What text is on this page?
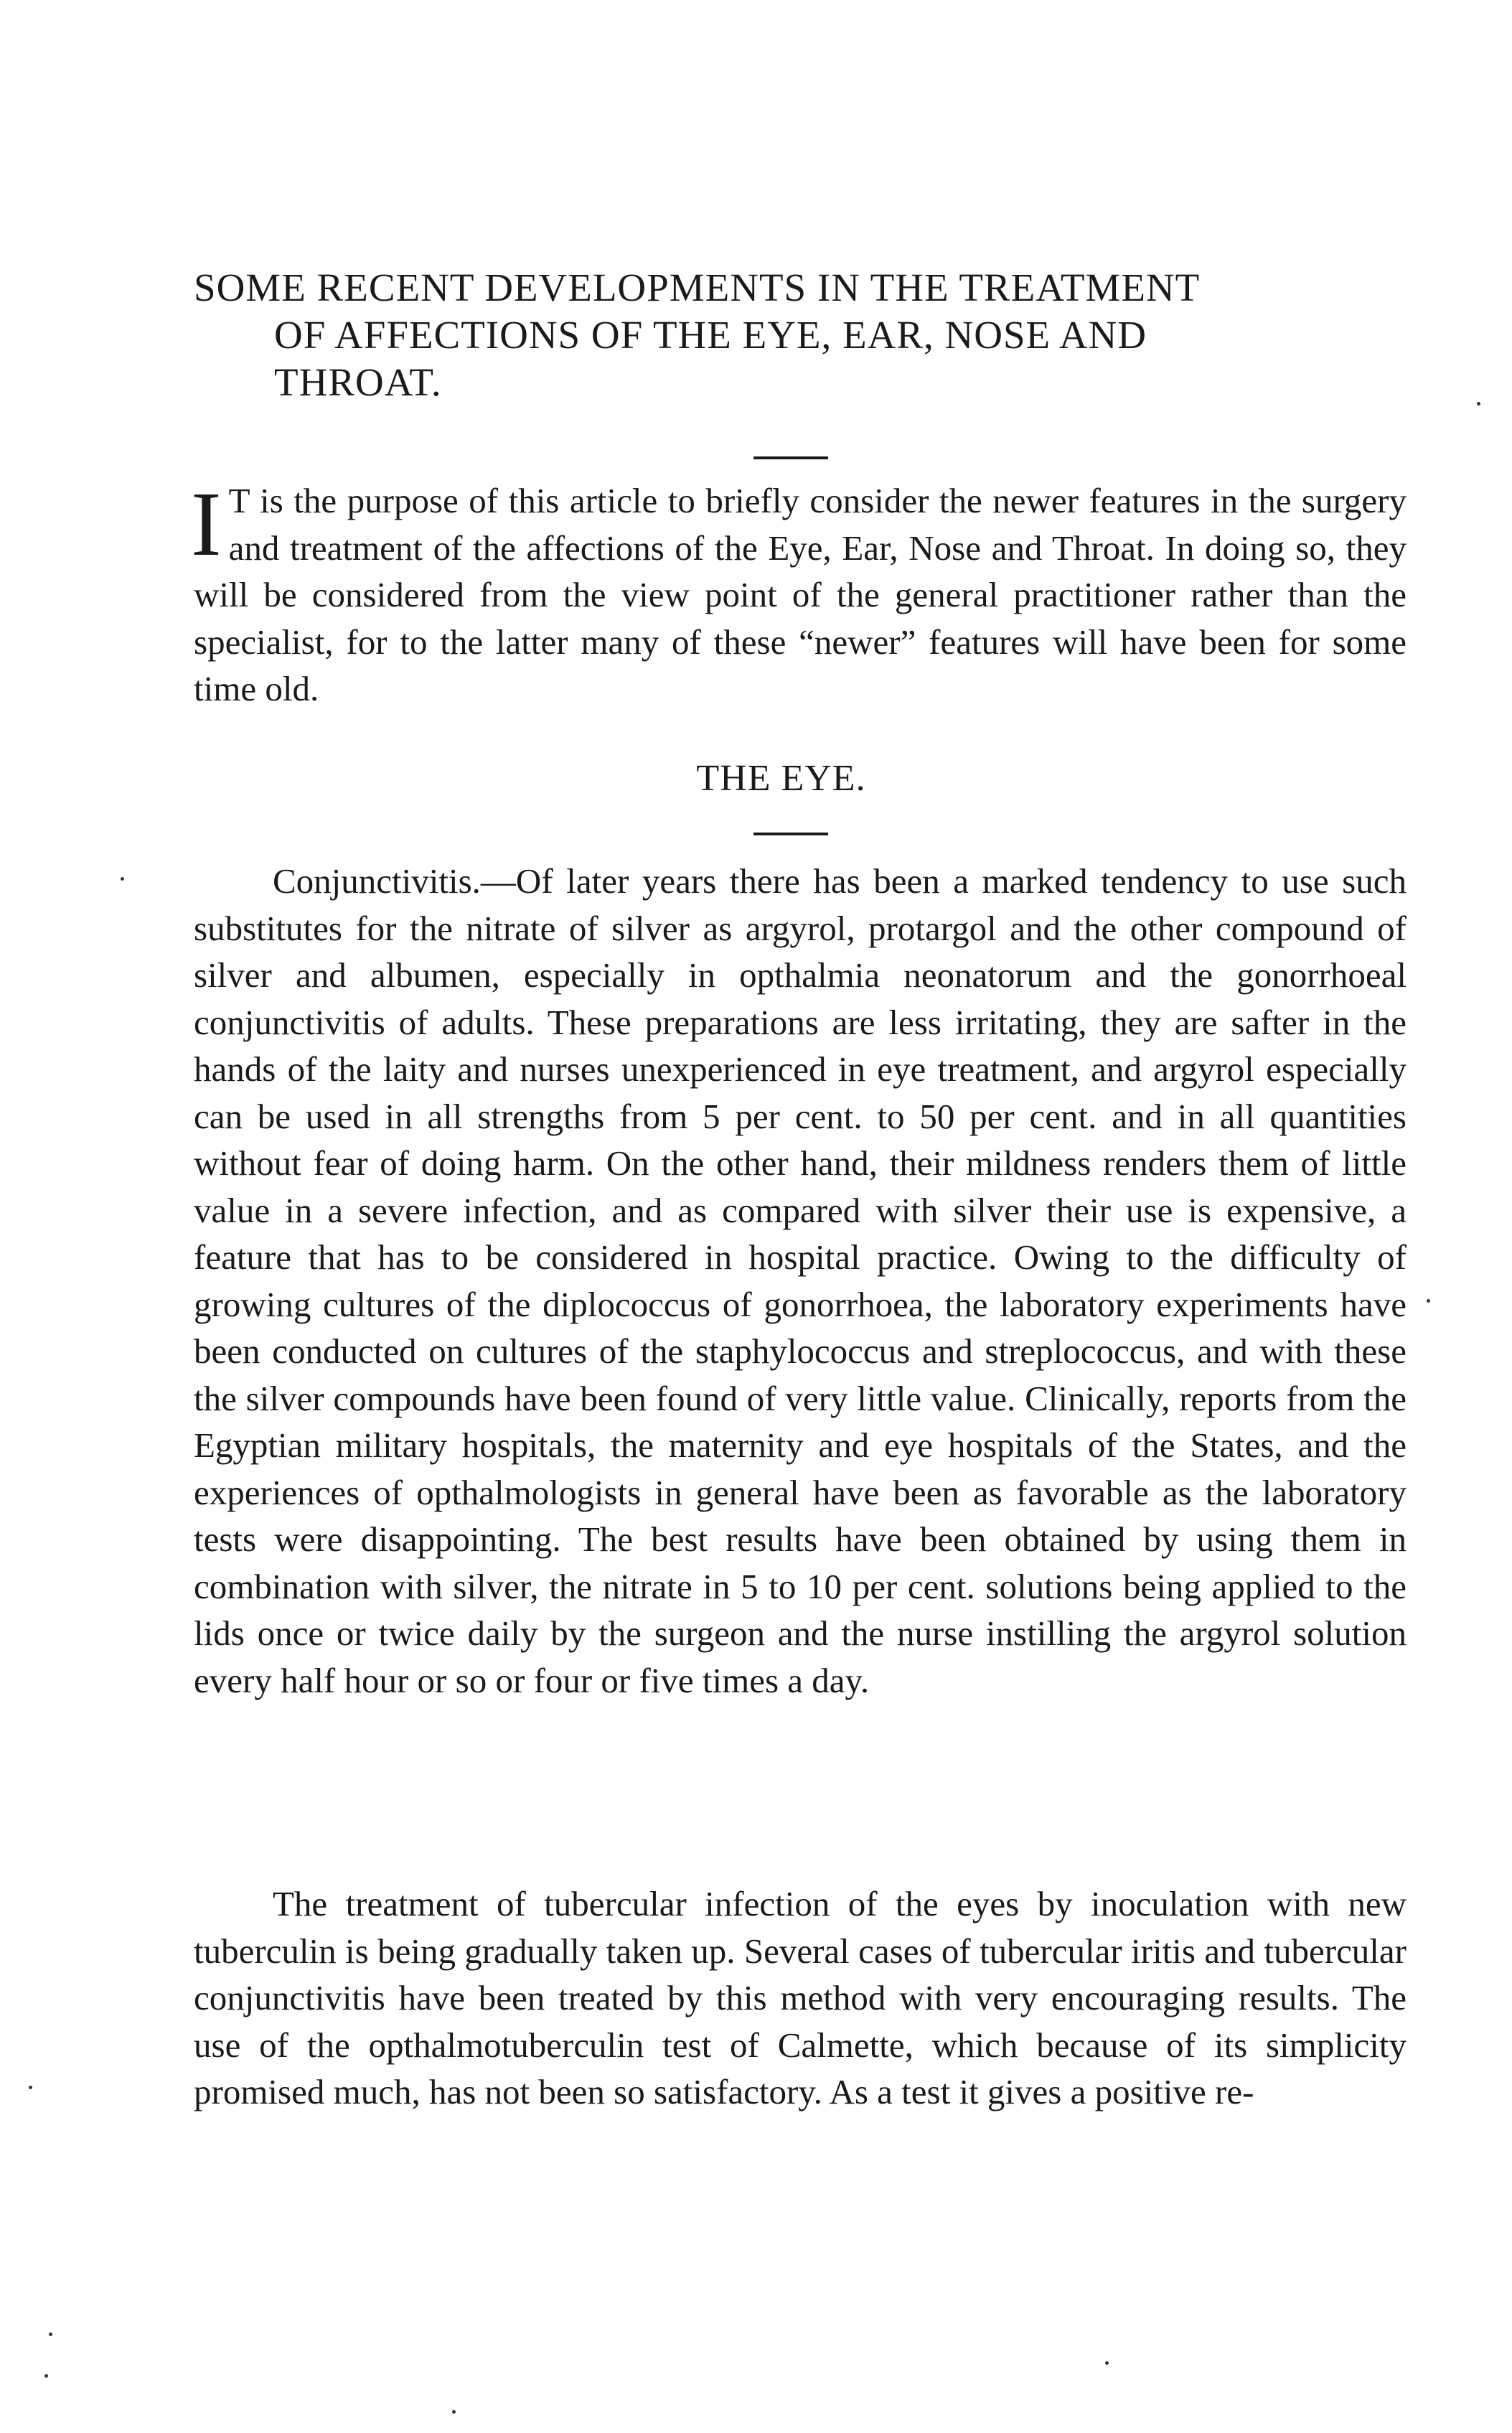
SOME RECENT DEVELOPMENTS IN THE TREATMENT
OF AFFECTIONS OF THE EYE, EAR, NOSE AND
THROAT.

I T is the purpose of this article to briefly consider the newer features in the surgery and treatment of the affections of the Eye, Ear, Nose and Throat. In doing so, they will be considered from the view point of the general practitioner rather than the specialist, for to the latter many of these “newer” features will have been for some time old.

THE EYE.

Conjunctivitis.—Of later years there has been a marked tendency to use such substitutes for the nitrate of silver as argyrol, protargol and the other compound of silver and albumen, especially in opthalmia neonatorum and the gonorrhoeal conjunctivitis of adults. These preparations are less irritating, they are safter in the hands of the laity and nurses unexperienced in eye treatment, and argyrol especially can be used in all strengths from 5 per cent. to 50 per cent. and in all quantities without fear of doing harm. On the other hand, their mildness renders them of little value in a severe infection, and as compared with silver their use is expensive, a feature that has to be considered in hospital practice. Owing to the difficulty of growing cultures of the diplococcus of gonorrhoea, the laboratory experiments have been conducted on cultures of the staphylococcus and streplococcus, and with these the silver compounds have been found of very little value. Clinically, reports from the Egyptian military hospitals, the maternity and eye hospitals of the States, and the experiences of opthalmologists in general have been as favorable as the laboratory tests were disappointing. The best results have been obtained by using them in combination with silver, the nitrate in 5 to 10 per cent. solutions being applied to the lids once or twice daily by the surgeon and the nurse instilling the argyrol solution every half hour or so or four or five times a day.

The treatment of tubercular infection of the eyes by inoculation with new tuberculin is being gradually taken up. Several cases of tubercular iritis and tubercular conjunctivitis have been treated by this method with very encouraging results. The use of the opthalmotuberculin test of Calmette, which because of its simplicity promised much, has not been so satisfactory. As a test it gives a positive re-
